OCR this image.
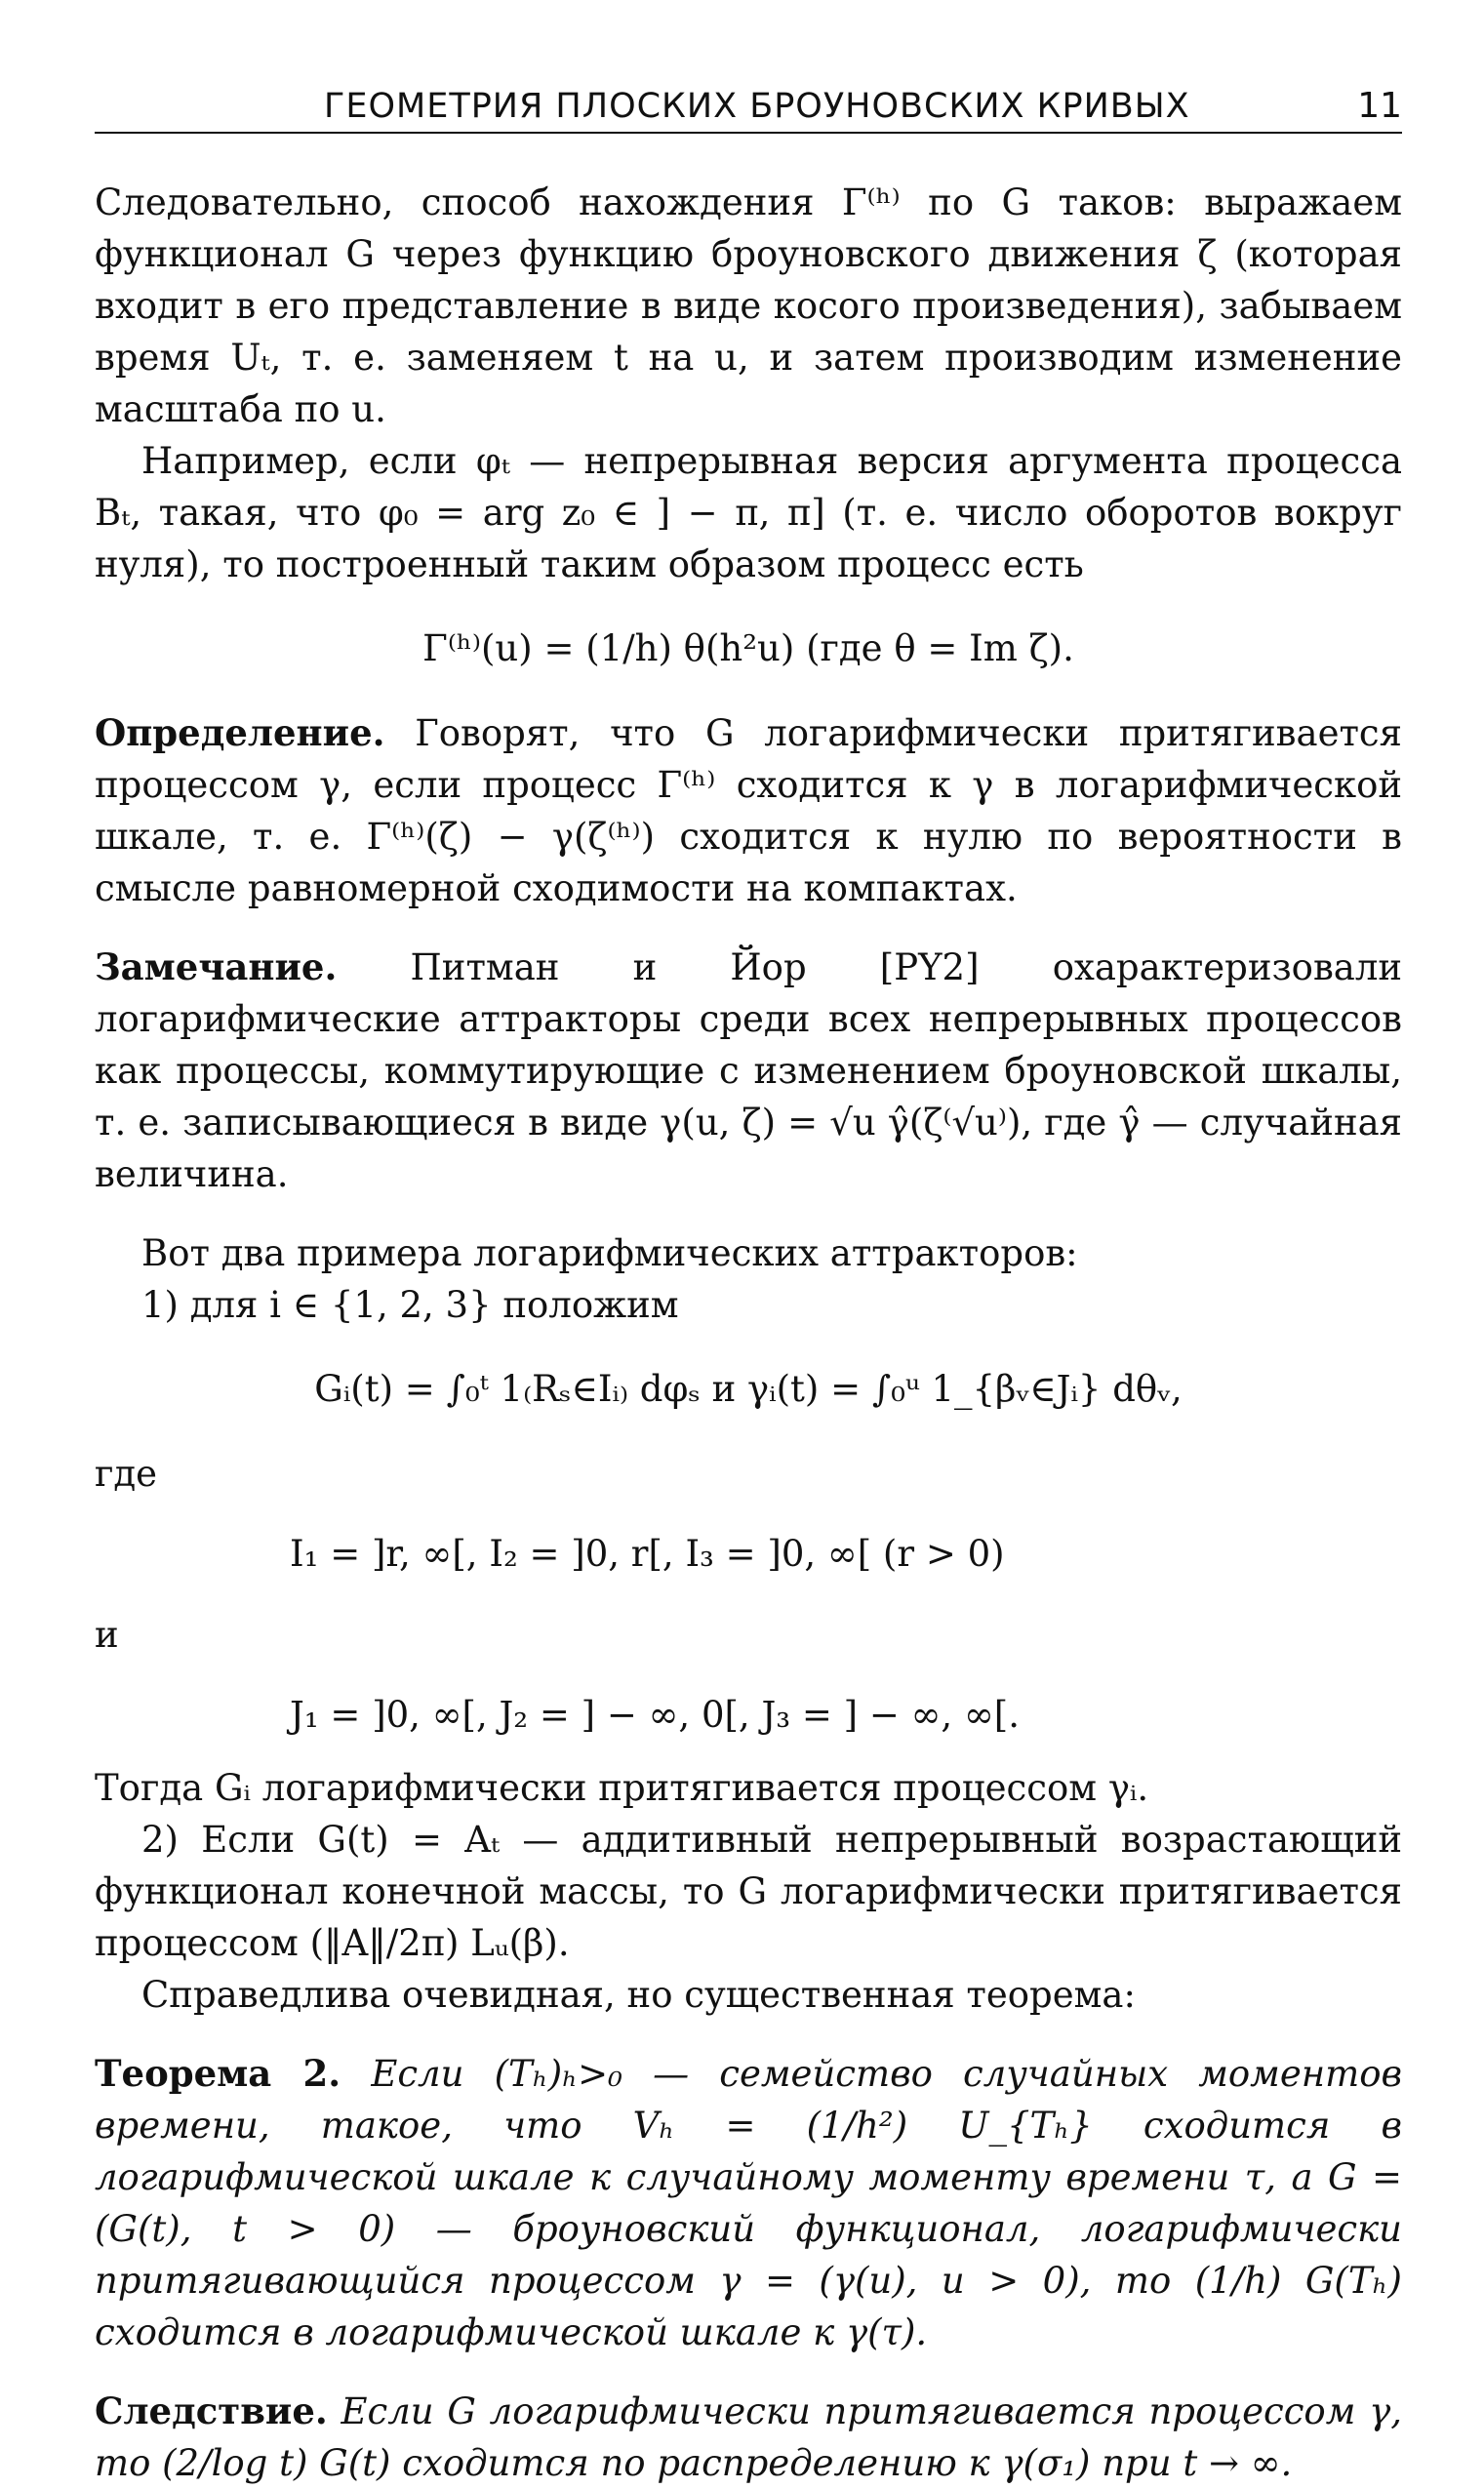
ГЕОМЕТРИЯ ПЛОСКИХ БРОУНОВСКИХ КРИВЫХ	11

Следовательно, способ нахождения Γ⁽ʰ⁾ по G таков: выражаем функционал G через функцию броуновского движения ζ (которая входит в его представление в виде косого произведения), забываем время Uₜ, т. е. заменяем t на u, и затем производим изменение масштаба по u.

Например, если φₜ — непрерывная версия аргумента процесса Bₜ, такая, что φ₀ = arg z₀ ∈ ] − π, π] (т. е. число оборотов вокруг нуля), то построенный таким образом процесс есть

Γ⁽ʰ⁾(u) = (1/h) θ(h²u) (где θ = Im ζ).

Определение. Говорят, что G логарифмически притягивается процессом γ, если процесс Γ⁽ʰ⁾ сходится к γ в логарифмической шкале, т. е. Γ⁽ʰ⁾(ζ) − γ(ζ⁽ʰ⁾) сходится к нулю по вероятности в смысле равномерной сходимости на компактах.

Замечание. Питман и Йор [PY2] охарактеризовали логарифмические аттракторы среди всех непрерывных процессов как процессы, коммутирующие с изменением броуновской шкалы, т. е. записывающиеся в виде γ(u, ζ) = √u γ̂(ζ⁽√u⁾), где γ̂ — случайная величина.

Вот два примера логарифмических аттракторов:

1) для i ∈ {1, 2, 3} положим

Gᵢ(t) = ∫₀ᵗ 1₍Rₛ∈Iᵢ₎ dφₛ и γᵢ(t) = ∫₀ᵘ 1_{βᵥ∈Jᵢ} dθᵥ,
где
I₁ = ]r, ∞[, I₂ = ]0, r[, I₃ = ]0, ∞[ (r > 0)
и
J₁ = ]0, ∞[, J₂ = ] − ∞, 0[, J₃ = ] − ∞, ∞[.

Тогда Gᵢ логарифмически притягивается процессом γᵢ.

2) Если G(t) = Aₜ — аддитивный непрерывный возрастающий функционал конечной массы, то G логарифмически притягивается процессом (‖A‖/2π) Lᵤ(β).

Справедлива очевидная, но существенная теорема:

Теорема 2. Если (Tₕ)ₕ>₀ — семейство случайных моментов времени, такое, что Vₕ = (1/h²) U_{Tₕ} сходится в логарифмической шкале к случайному моменту времени τ, а G = (G(t), t > 0) — броуновский функционал, логарифмически притягивающийся процессом γ = (γ(u), u > 0), то (1/h) G(Tₕ) сходится в логарифмической шкале к γ(τ).

Следствие. Если G логарифмически притягивается процессом γ, то (2/log t) G(t) сходится по распределению к γ(σ₁) при t → ∞.
